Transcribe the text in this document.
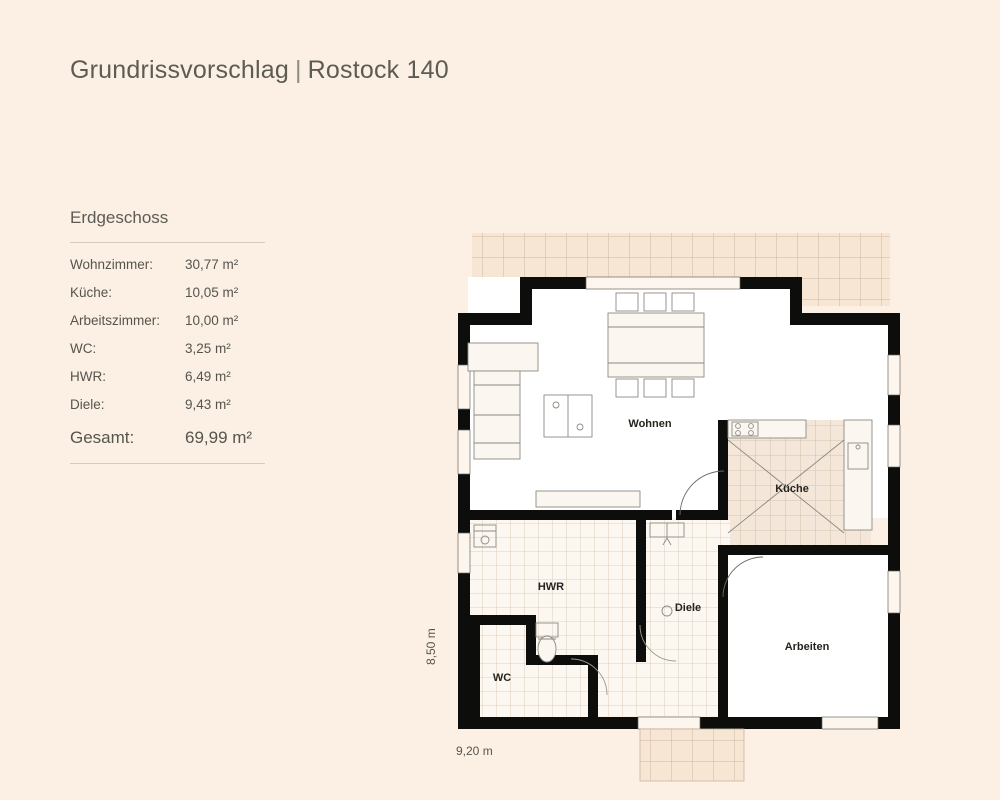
Grundrissvorschlag | Rostock 140
Erdgeschoss
Wohnzimmer:	30,77 m²
Küche:	10,05 m²
Arbeitszimmer:	10,00 m²
WC:	3,25 m²
HWR:	6,49 m²
Diele:	9,43 m²
Gesamt:	69,99 m²
8,50 m
9,20 m
Wohnen
Küche
HWR
Diele
Arbeiten
WC
